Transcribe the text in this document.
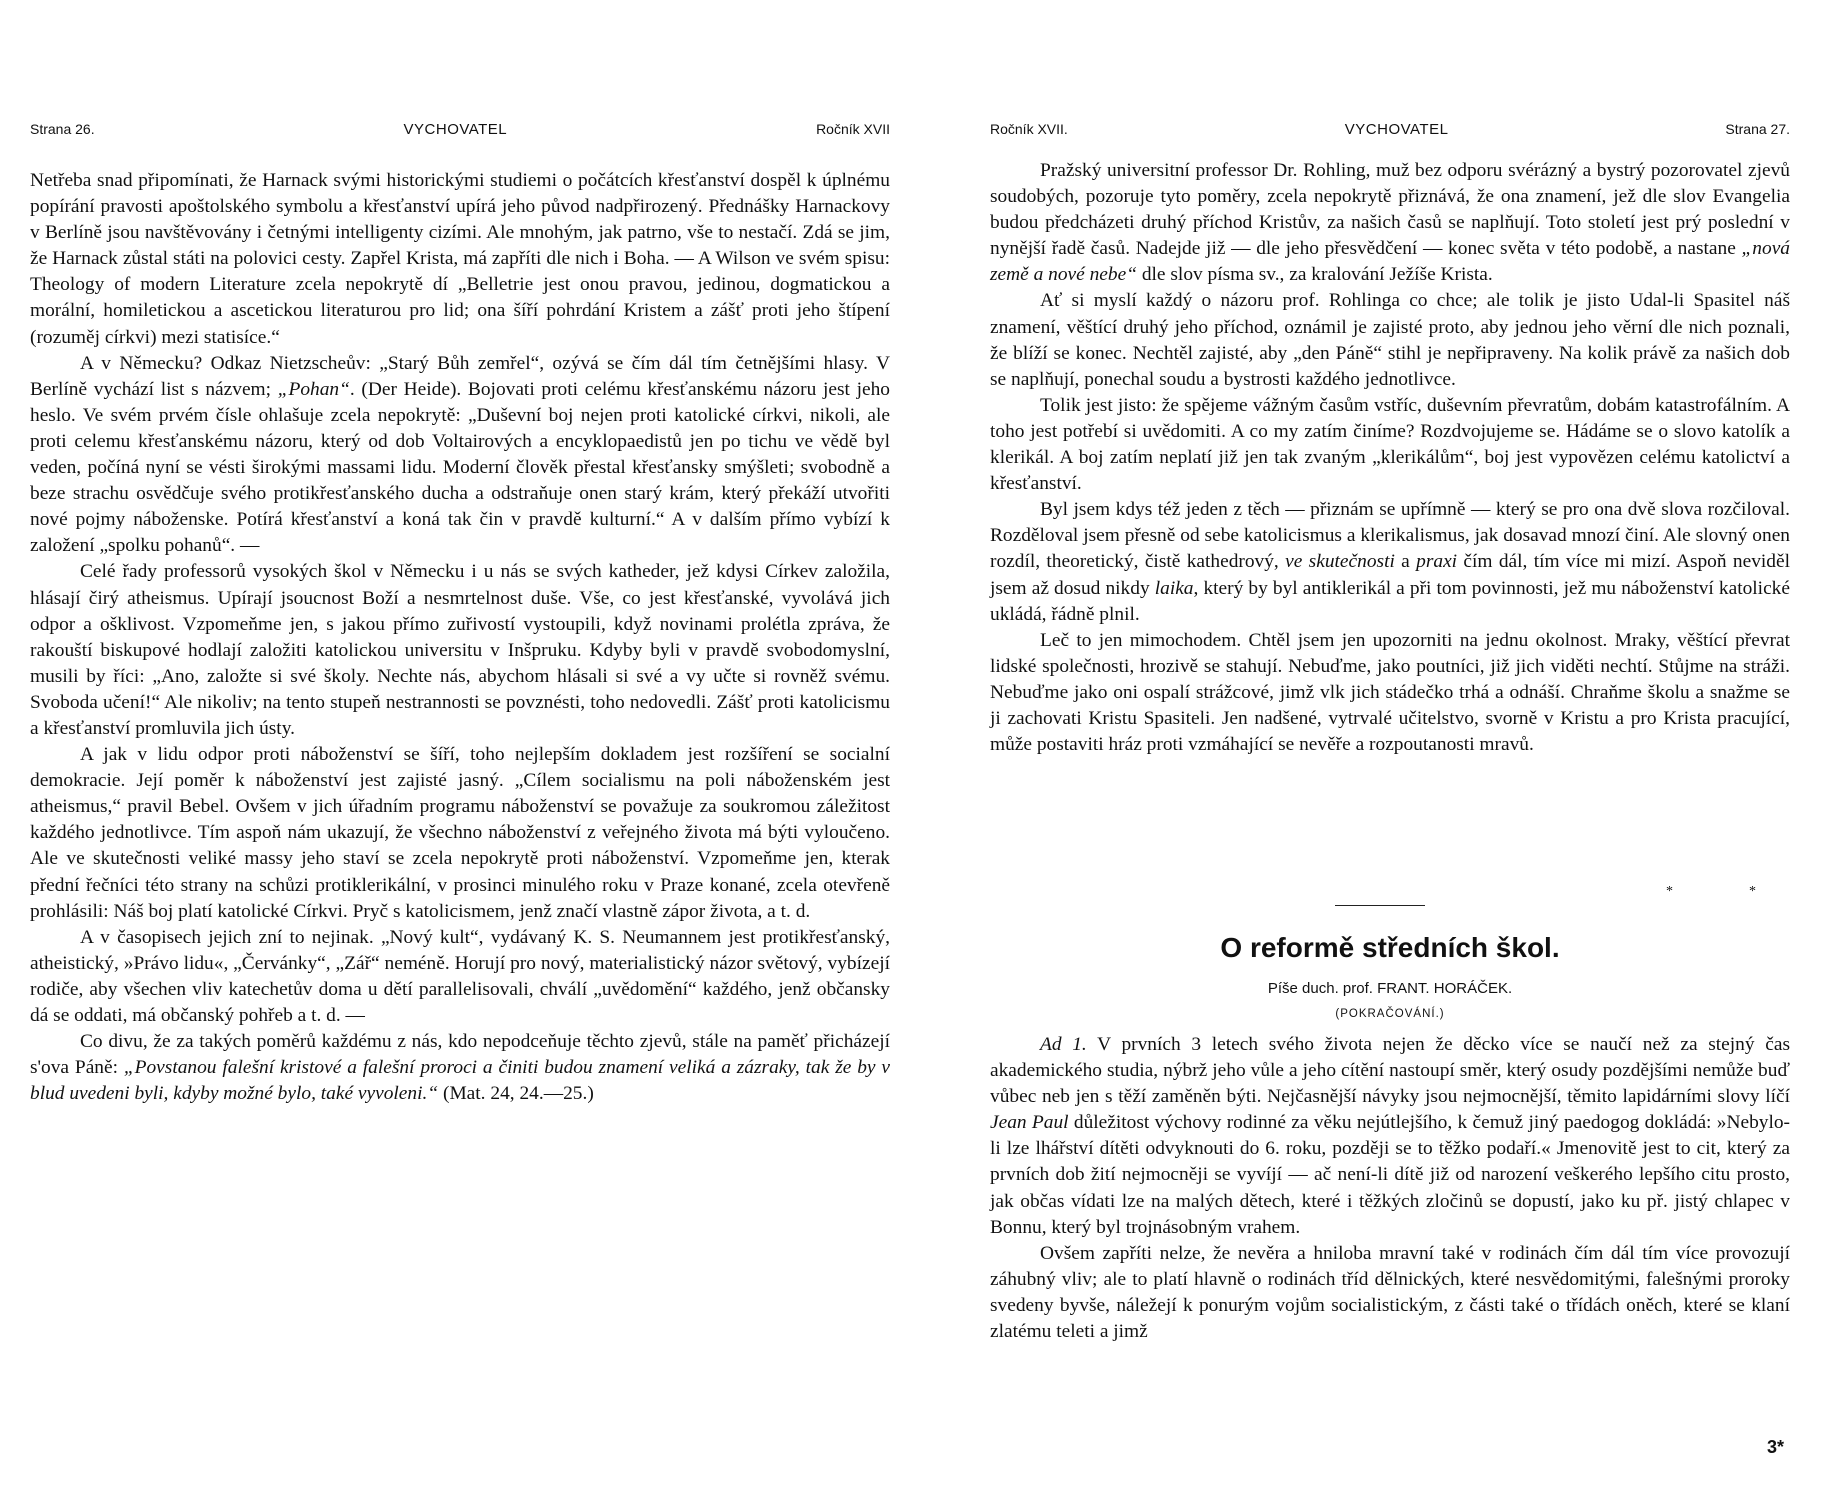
Strana 26.	VYCHOVATEL	Ročník XVII

Netřeba snad připomínati, že Harnack svými historickými studiemi o počátcích křesťanství dospěl k úplnému popírání pravosti apoštolského symbolu a křesťanství upírá jeho původ nadpřirozený. Přednášky Harnackovy v Berlíně jsou navštěvovány i četnými intelligenty cizími. Ale mnohým, jak patrno, vše to nestačí. Zdá se jim, že Harnack zůstal státi na polovici cesty. Zapřel Krista, má zapříti dle nich i Boha. — A Wilson ve svém spisu: Theology of modern Literature zcela nepokrytě dí „Belletrie jest onou pravou, jedinou, dogmatickou a morální, homiletickou a ascetickou literaturou pro lid; ona šíří pohrdání Kristem a zášť proti jeho štípení (rozuměj církvi) mezi statisíce.“

A v Německu? Odkaz Nietzscheův: „Starý Bůh zemřel“, ozývá se čím dál tím četnějšími hlasy. V Berlíně vychází list s názvem; „Pohan“. (Der Heide). Bojovati proti celému křesťanskému názoru jest jeho heslo. Ve svém prvém čísle ohlašuje zcela nepokrytě: „Duševní boj nejen proti katolické církvi, nikoli, ale proti celemu křesťanskému názoru, který od dob Voltairových a encyklopaedistů jen po tichu ve vědě byl veden, počíná nyní se vésti širokými massami lidu. Moderní člověk přestal křesťansky smýšleti; svobodně a beze strachu osvědčuje svého protikřesťanského ducha a odstraňuje onen starý krám, který překáží utvořiti nové pojmy náboženske. Potírá křesťanství a koná tak čin v pravdě kulturní.“ A v dalším přímo vybízí k založení „spolku pohanů“. —

Celé řady professorů vysokých škol v Německu i u nás se svých katheder, jež kdysi Církev založila, hlásají čirý atheismus. Upírají jsoucnost Boží a nesmrtelnost duše. Vše, co jest křesťanské, vyvolává jich odpor a ošklivost. Vzpomeňme jen, s jakou přímo zuřivostí vystoupili, když novinami prolétla zpráva, že rakouští biskupové hodlají založiti katolickou universitu v Inšpruku. Kdyby byli v pravdě svobodomyslní, musili by říci: „Ano, založte si své školy. Nechte nás, abychom hlásali si své a vy učte si rovněž svému. Svoboda učení!“ Ale nikoliv; na tento stupeň nestrannosti se povznésti, toho nedovedli. Zášť proti katolicismu a křesťanství promluvila jich ústy.

A jak v lidu odpor proti náboženství se šíří, toho nejlepším dokladem jest rozšíření se socialní demokracie. Její poměr k náboženství jest zajisté jasný. „Cílem socialismu na poli náboženském jest atheismus,“ pravil Bebel. Ovšem v jich úřadním programu náboženství se považuje za soukromou záležitost každého jednotlivce. Tím aspoň nám ukazují, že všechno náboženství z veřejného života má býti vyloučeno. Ale ve skutečnosti veliké massy jeho staví se zcela nepokrytě proti náboženství. Vzpomeňme jen, kterak přední řečníci této strany na schůzi protiklerikální, v prosinci minulého roku v Praze konané, zcela otevřeně prohlásili: Náš boj platí katolické Církvi. Pryč s katolicismem, jenž značí vlastně zápor života, a t. d.

A v časopisech jejich zní to nejinak. „Nový kult“, vydávaný K. S. Neumannem jest protikřesťanský, atheistický, »Právo lidu«, „Červánky“, „Zář“ neméně. Horují pro nový, materialistický názor světový, vybízejí rodiče, aby všechen vliv katechetův doma u dětí parallelisovali, chválí „uvědomění“ každého, jenž občansky dá se oddati, má občanský pohřeb a t. d. —

Co divu, že za takých poměrů každému z nás, kdo nepodceňuje těchto zjevů, stále na paměť přicházejí s'ova Páně: „Povstanou falešní kristové a falešní proroci a činiti budou znamení veliká a zázraky, tak že by v blud uvedeni byli, kdyby možné bylo, také vyvoleni.“ (Mat. 24, 24.—25.)

Ročník XVII.	VYCHOVATEL	Strana 27.

Pražský universitní professor Dr. Rohling, muž bez odporu svérázný a bystrý pozorovatel zjevů soudobých, pozoruje tyto poměry, zcela nepokrytě přiznává, že ona znamení, jež dle slov Evangelia budou předcházeti druhý příchod Kristův, za našich časů se naplňují. Toto století jest prý poslední v nynější řadě časů. Nadejde již — dle jeho přesvědčení — konec světa v této podobě, a nastane „nová země a nové nebe“ dle slov písma sv., za kralování Ježíše Krista.

Ať si myslí každý o názoru prof. Rohlinga co chce; ale tolik je jisto Udal-li Spasitel náš znamení, věštící druhý jeho příchod, oznámil je zajisté proto, aby jednou jeho věrní dle nich poznali, že blíží se konec. Nechtěl zajisté, aby „den Páně“ stihl je nepřipraveny. Na kolik právě za našich dob se naplňují, ponechal soudu a bystrosti každého jednotlivce.

Tolik jest jisto: že spějeme vážným časům vstříc, duševním převratům, dobám katastrofálním. A toho jest potřebí si uvědomiti. A co my zatím činíme? Rozdvojujeme se. Hádáme se o slovo katolík a klerikál. A boj zatím neplatí již jen tak zvaným „klerikálům“, boj jest vypovězen celému katolictví a křesťanství.

Byl jsem kdys též jeden z těch — přiznám se upřímně — který se pro ona dvě slova rozčiloval. Rozděloval jsem přesně od sebe katolicismus a klerikalismus, jak dosavad mnozí činí. Ale slovný onen rozdíl, theoretický, čistě kathedrový, ve skutečnosti a praxi čím dál, tím více mi mizí. Aspoň neviděl jsem až dosud nikdy laika, který by byl antiklerikál a při tom povinnosti, jež mu náboženství katolické ukládá, řádně plnil.

Leč to jen mimochodem. Chtěl jsem jen upozorniti na jednu okolnost. Mraky, věštící převrat lidské společnosti, hrozivě se stahují. Nebuďme, jako poutníci, již jich viděti nechtí. Stůjme na stráži. Nebuďme jako oni ospalí strážcové, jimž vlk jich stádečko trhá a odnáší. Chraňme školu a snažme se ji zachovati Kristu Spasiteli. Jen nadšené, vytrvalé učitelstvo, svorně v Kristu a pro Krista pracující, může postaviti hráz proti vzmáhající se nevěře a rozpoutanosti mravů.

*	*
O reformě středních škol.
Píše duch. prof. FRANT. HORÁČEK.
(POKRAČOVÁNÍ.)

Ad 1. V prvních 3 letech svého života nejen že děcko více se naučí než za stejný čas akademického studia, nýbrž jeho vůle a jeho cítění nastoupí směr, který osudy pozdějšími nemůže buď vůbec neb jen s těží zaměněn býti. Nejčasnější návyky jsou nejmocnější, těmito lapidárními slovy líčí Jean Paul důležitost výchovy rodinné za věku nejútlejšího, k čemuž jiný paedogog dokládá: »Nebylo-li lze lhářství dítěti odvyknouti do 6. roku, později se to těžko podaří.« Jmenovitě jest to cit, který za prvních dob žití nejmocněji se vyvíjí — ač není-li dítě již od narození veškerého lepšího citu prosto, jak občas vídati lze na malých dětech, které i těžkých zločinů se dopustí, jako ku př. jistý chlapec v Bonnu, který byl trojnásobným vrahem.

Ovšem zapříti nelze, že nevěra a hniloba mravní také v rodinách čím dál tím více provozují záhubný vliv; ale to platí hlavně o rodinách tříd dělnických, které nesvědomitými, falešnými proroky svedeny byvše, náležejí k ponurým vojům socialistickým, z části také o třídách oněch, které se klaní zlatému teleti a jimž

3*
